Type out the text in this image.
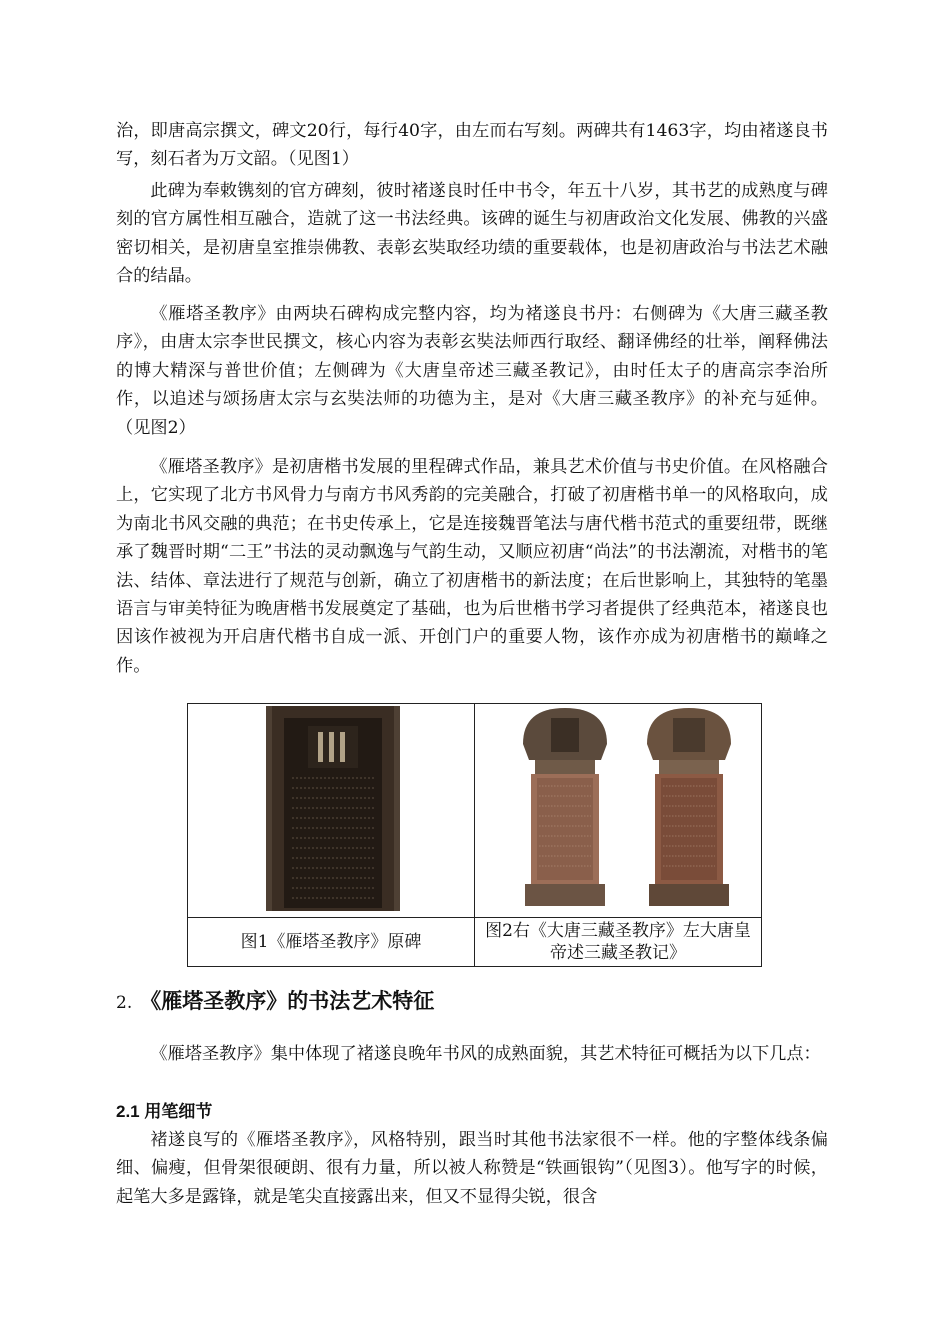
治，即唐高宗撰文，碑文20行，每行40字，由左而右写刻。两碑共有1463字，均由褚遂良书写，刻石者为万文韶。（见图1）

此碑为奉敕镌刻的官方碑刻，彼时褚遂良时任中书令，年五十八岁，其书艺的成熟度与碑刻的官方属性相互融合，造就了这一书法经典。该碑的诞生与初唐政治文化发展、佛教的兴盛密切相关，是初唐皇室推崇佛教、表彰玄奘取经功绩的重要载体，也是初唐政治与书法艺术融合的结晶。

《雁塔圣教序》由两块石碑构成完整内容，均为褚遂良书丹：右侧碑为《大唐三藏圣教序》，由唐太宗李世民撰文，核心内容为表彰玄奘法师西行取经、翻译佛经的壮举，阐释佛法的博大精深与普世价值；左侧碑为《大唐皇帝述三藏圣教记》，由时任太子的唐高宗李治所作，以追述与颂扬唐太宗与玄奘法师的功德为主，是对《大唐三藏圣教序》的补充与延伸。（见图2）

《雁塔圣教序》是初唐楷书发展的里程碑式作品，兼具艺术价值与书史价值。在风格融合上，它实现了北方书风骨力与南方书风秀韵的完美融合，打破了初唐楷书单一的风格取向，成为南北书风交融的典范；在书史传承上，它是连接魏晋笔法与唐代楷书范式的重要纽带，既继承了魏晋时期“二王”书法的灵动飘逸与气韵生动，又顺应初唐“尚法”的书法潮流，对楷书的笔法、结体、章法进行了规范与创新，确立了初唐楷书的新法度；在后世影响上，其独特的笔墨语言与审美特征为晚唐楷书发展奠定了基础，也为后世楷书学习者提供了经典范本，褚遂良也因该作被视为开启唐代楷书自成一派、开创门户的重要人物，该作亦成为初唐楷书的巅峰之作。

图1《雁塔圣教序》原碑	图2右《大唐三藏圣教序》左大唐皇帝述三藏圣教记》
2. 《雁塔圣教序》的书法艺术特征

《雁塔圣教序》集中体现了褚遂良晚年书风的成熟面貌，其艺术特征可概括为以下几点：

2.1 用笔细节

褚遂良写的《雁塔圣教序》，风格特别，跟当时其他书法家很不一样。他的字整体线条偏细、偏瘦，但骨架很硬朗、很有力量，所以被人称赞是“铁画银钩”（见图3）。他写字的时候，起笔大多是露锋，就是笔尖直接露出来，但又不显得尖锐，很含
